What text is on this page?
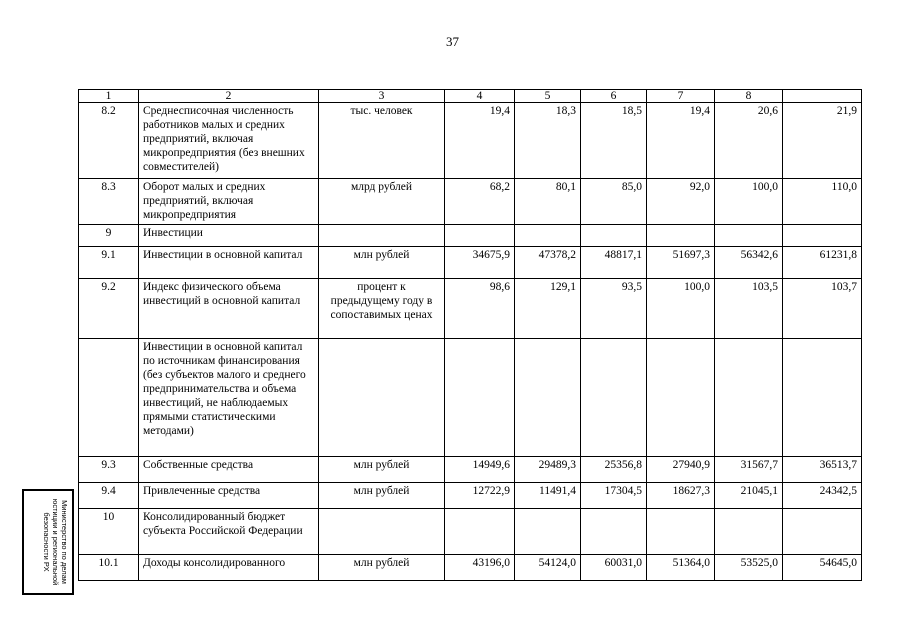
37
1	2	3	4	5	6	7	8	
8.2	Среднесписочная численность работников малых и средних предприятий, включая микропредприятия (без внешних совместителей)	тыс. человек	19,4	18,3	18,5	19,4	20,6	21,9
8.3	Оборот малых и средних предприятий, включая микропредприятия	млрд рублей	68,2	80,1	85,0	92,0	100,0	110,0
9	Инвестиции							
9.1	Инвестиции в основной капитал	млн рублей	34675,9	47378,2	48817,1	51697,3	56342,6	61231,8
9.2	Индекс физического объема инвестиций в основной капитал	процент к предыдущему году в сопоставимых ценах	98,6	129,1	93,5	100,0	103,5	103,7
	Инвестиции в основной капитал по источникам финансирования (без субъектов малого и среднего предпринимательства и объема инвестиций, не наблюдаемых прямыми статистическими методами)							
9.3	Собственные средства	млн рублей	14949,6	29489,3	25356,8	27940,9	31567,7	36513,7
9.4	Привлеченные средства	млн рублей	12722,9	11491,4	17304,5	18627,3	21045,1	24342,5
10	Консолидированный бюджет субъекта Российской Федерации							
10.1	Доходы консолидированного	млн рублей	43196,0	54124,0	60031,0	51364,0	53525,0	54645,0
Министерство по делам
юстиции и региональной
безопасности РХ
